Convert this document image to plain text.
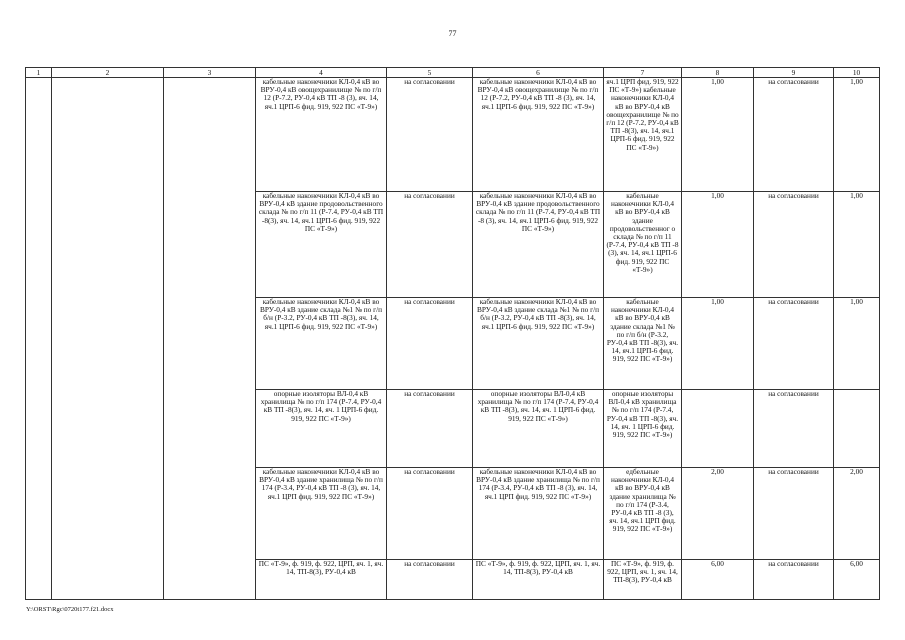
77
1	2	3	4	5	6	7	8	9	10
			кабельные наконечники КЛ-0,4 кВ во ВРУ-0,4 кВ овощехранилище № по г/п 12 (Р-7.2, РУ-0,4 кВ ТП -8 (3), яч. 14, яч.1 ЦРП-6 фид. 919, 922 ПС «Т-9»)	на согласовании	кабельные наконечники КЛ-0,4 кВ во ВРУ-0,4 кВ овощехранилище № по г/п 12 (Р-7.2, РУ-0,4 кВ ТП -8 (3), яч. 14, яч.1 ЦРП-6 фид. 919, 922 ПС «Т-9»)	яч.1 ЦРП фид. 919, 922 ПС «Т-9») кабельные наконечники КЛ-0,4 кВ во ВРУ-0,4 кВ овощехранилище № по г/п 12 (Р-7.2, РУ-0,4 кВ ТП -8(3), яч. 14, яч.1 ЦРП-6 фид. 919, 922 ПС «Т-9»)	1,00	на согласовании	1,00
			кабельные наконечники КЛ-0,4 кВ во ВРУ-0,4 кВ здание продовольственного склада № по г/п 11 (Р-7.4, РУ-0,4 кВ ТП -8(3), яч. 14, яч.1 ЦРП-6 фид. 919, 922 ПС «Т-9»)	на согласовании	кабельные наконечники КЛ-0,4 кВ во ВРУ-0,4 кВ здание продовольственного склада № по г/п 11 (Р-7.4, РУ-0,4 кВ ТП -8 (3), яч. 14, яч.1 ЦРП-6 фид. 919, 922 ПС «Т-9»)	кабельные наконечники КЛ-0,4 кВ во ВРУ-0,4 кВ здание продовольственног о склада № по г/п 11 (Р-7.4, РУ-0,4 кВ ТП -8 (3), яч. 14, яч.1 ЦРП-6 фид. 919, 922 ПС «Т-9»)	1,00	на согласовании	1,00
			кабельные наконечники КЛ-0,4 кВ во ВРУ-0,4 кВ здание склада №1 № по г/п б/н (Р-3.2, РУ-0,4 кВ ТП -8(3), яч. 14, яч.1 ЦРП-6 фид. 919, 922 ПС «Т-9»)	на согласовании	кабельные наконечники КЛ-0,4 кВ во ВРУ-0,4 кВ здание склада №1 № по г/п б/н (Р-3.2, РУ-0,4 кВ ТП -8(3), яч. 14, яч.1 ЦРП-6 фид. 919, 922 ПС «Т-9»)	кабельные наконечники КЛ-0,4 кВ во ВРУ-0,4 кВ здание склада №1 № по г/п б/н (Р-3.2, РУ-0,4 кВ ТП -8(3), яч. 14, яч.1 ЦРП-6 фид. 919, 922 ПС «Т-9»)	1,00	на согласовании	1,00
			опорные изоляторы ВЛ-0,4 кВ хранилища № по г/п 174 (Р-7.4, РУ-0,4 кВ ТП -8(3), яч. 14, яч. 1 ЦРП-6 фид. 919, 922 ПС «Т-9»)	на согласовании	опорные изоляторы ВЛ-0,4 кВ хранилища № по г/п 174 (Р-7.4, РУ-0,4 кВ ТП -8(3), яч. 14, яч. 1 ЦРП-6 фид. 919, 922 ПС «Т-9»)	опорные изоляторы ВЛ-0,4 кВ хранилища № по г/п 174 (Р-7.4, РУ-0,4 кВ ТП -8(3), яч. 14, яч. 1 ЦРП-6 фид. 919, 922 ПС «Т-9»)		на согласовании	
			кабельные наконечники КЛ-0,4 кВ во ВРУ-0,4 кВ здание хранилища № по г/п 174 (Р-3.4, РУ-0,4 кВ ТП -8 (3), яч. 14, яч.1 ЦРП фид. 919, 922 ПС «Т-9»)	на согласовании	кабельные наконечники КЛ-0,4 кВ во ВРУ-0,4 кВ здание хранилища № по г/п 174 (Р-3.4, РУ-0,4 кВ ТП -8 (3), яч. 14, яч.1 ЦРП фид. 919, 922 ПС «Т-9»)	едбельные наконечники КЛ-0,4 кВ во ВРУ-0,4 кВ здание хранилища № по г/п 174 (Р-3.4, РУ-0,4 кВ ТП -8 (3), яч. 14, яч.1 ЦРП фид. 919, 922 ПС «Т-9»)	2,00	на согласовании	2,00
			ПС «Т-9», ф. 919, ф. 922, ЦРП, яч. 1, яч. 14, ТП-8(3), РУ-0,4 кВ	на согласовании	ПС «Т-9», ф. 919, ф. 922, ЦРП, яч. 1, яч. 14, ТП-8(3), РУ-0,4 кВ	ПС «Т-9», ф. 919, ф. 922, ЦРП, яч. 1, яч. 14, ТП-8(3), РУ-0,4 кВ	6,00	на согласовании	6,00
Y:\ORST\Rgc\0720t177.f21.docx
